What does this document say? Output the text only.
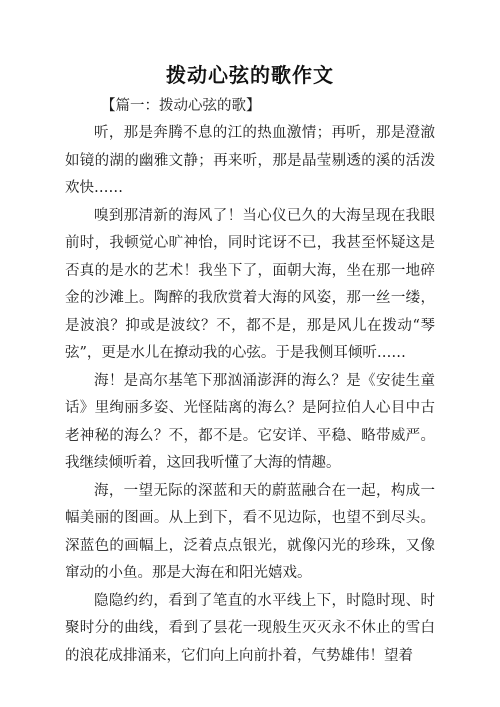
拨动心弦的歌作文

【篇一：拨动心弦的歌】

听，那是奔腾不息的江的热血激情；再听，那是澄澈如镜的湖的幽雅文静；再来听，那是晶莹剔透的溪的活泼欢快……

嗅到那清新的海风了！当心仪已久的大海呈现在我眼前时，我顿觉心旷神怡，同时诧讶不已，我甚至怀疑这是否真的是水的艺术！我坐下了，面朝大海，坐在那一地碎金的沙滩上。陶醉的我欣赏着大海的风姿，那一丝一缕，是波浪？抑或是波纹？不，都不是，那是风儿在拨动“琴弦”，更是水儿在撩动我的心弦。于是我侧耳倾听……

海！是高尔基笔下那汹涌澎湃的海么？是《安徒生童话》里绚丽多姿、光怪陆离的海么？是阿拉伯人心目中古老神秘的海么？不，都不是。它安详、平稳、略带威严。我继续倾听着，这回我听懂了大海的情趣。

海，一望无际的深蓝和天的蔚蓝融合在一起，构成一幅美丽的图画。从上到下，看不见边际，也望不到尽头。深蓝色的画幅上，泛着点点银光，就像闪光的珍珠，又像窜动的小鱼。那是大海在和阳光嬉戏。

隐隐约约，看到了笔直的水平线上下，时隐时现、时聚时分的曲线，看到了昙花一现般生灭灭永不休止的雪白的浪花成排涌来，它们向上向前扑着，气势雄伟！望着
